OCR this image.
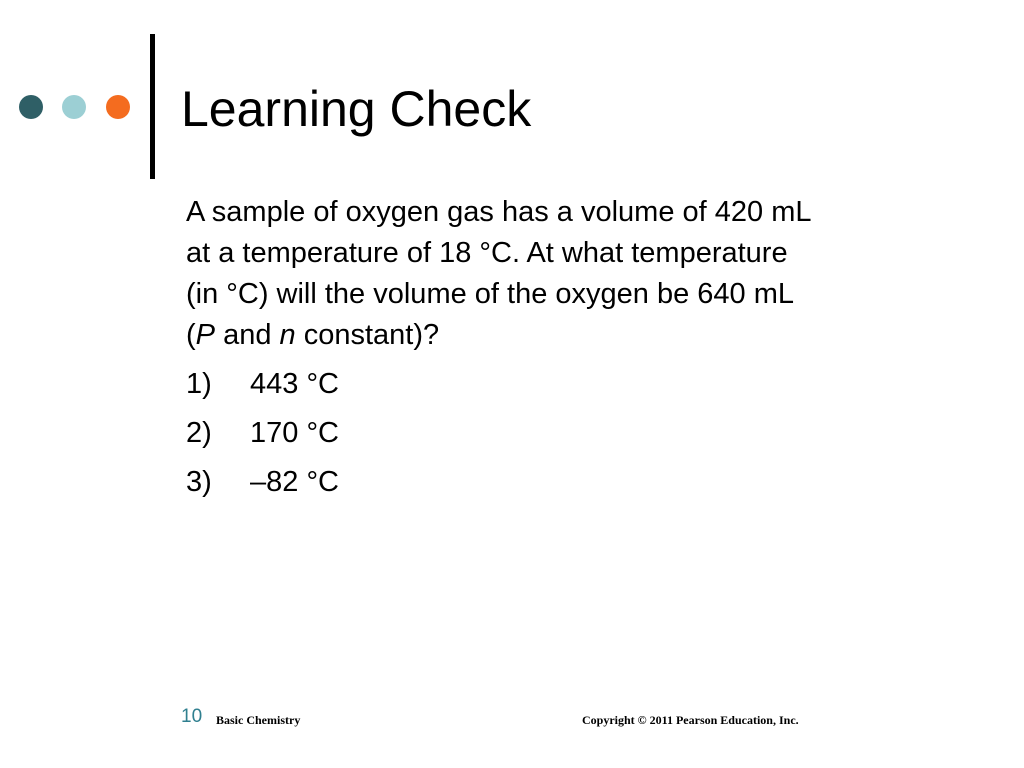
Learning Check

A sample of oxygen gas has a volume of 420 mL
at a temperature of 18 °C. At what temperature
(in °C) will the volume of the oxygen be 640 mL
(P and n constant)?

1) 443 °C
2) 170 °C
3) –82 °C
10 Basic Chemistry	Copyright © 2011 Pearson Education, Inc.
